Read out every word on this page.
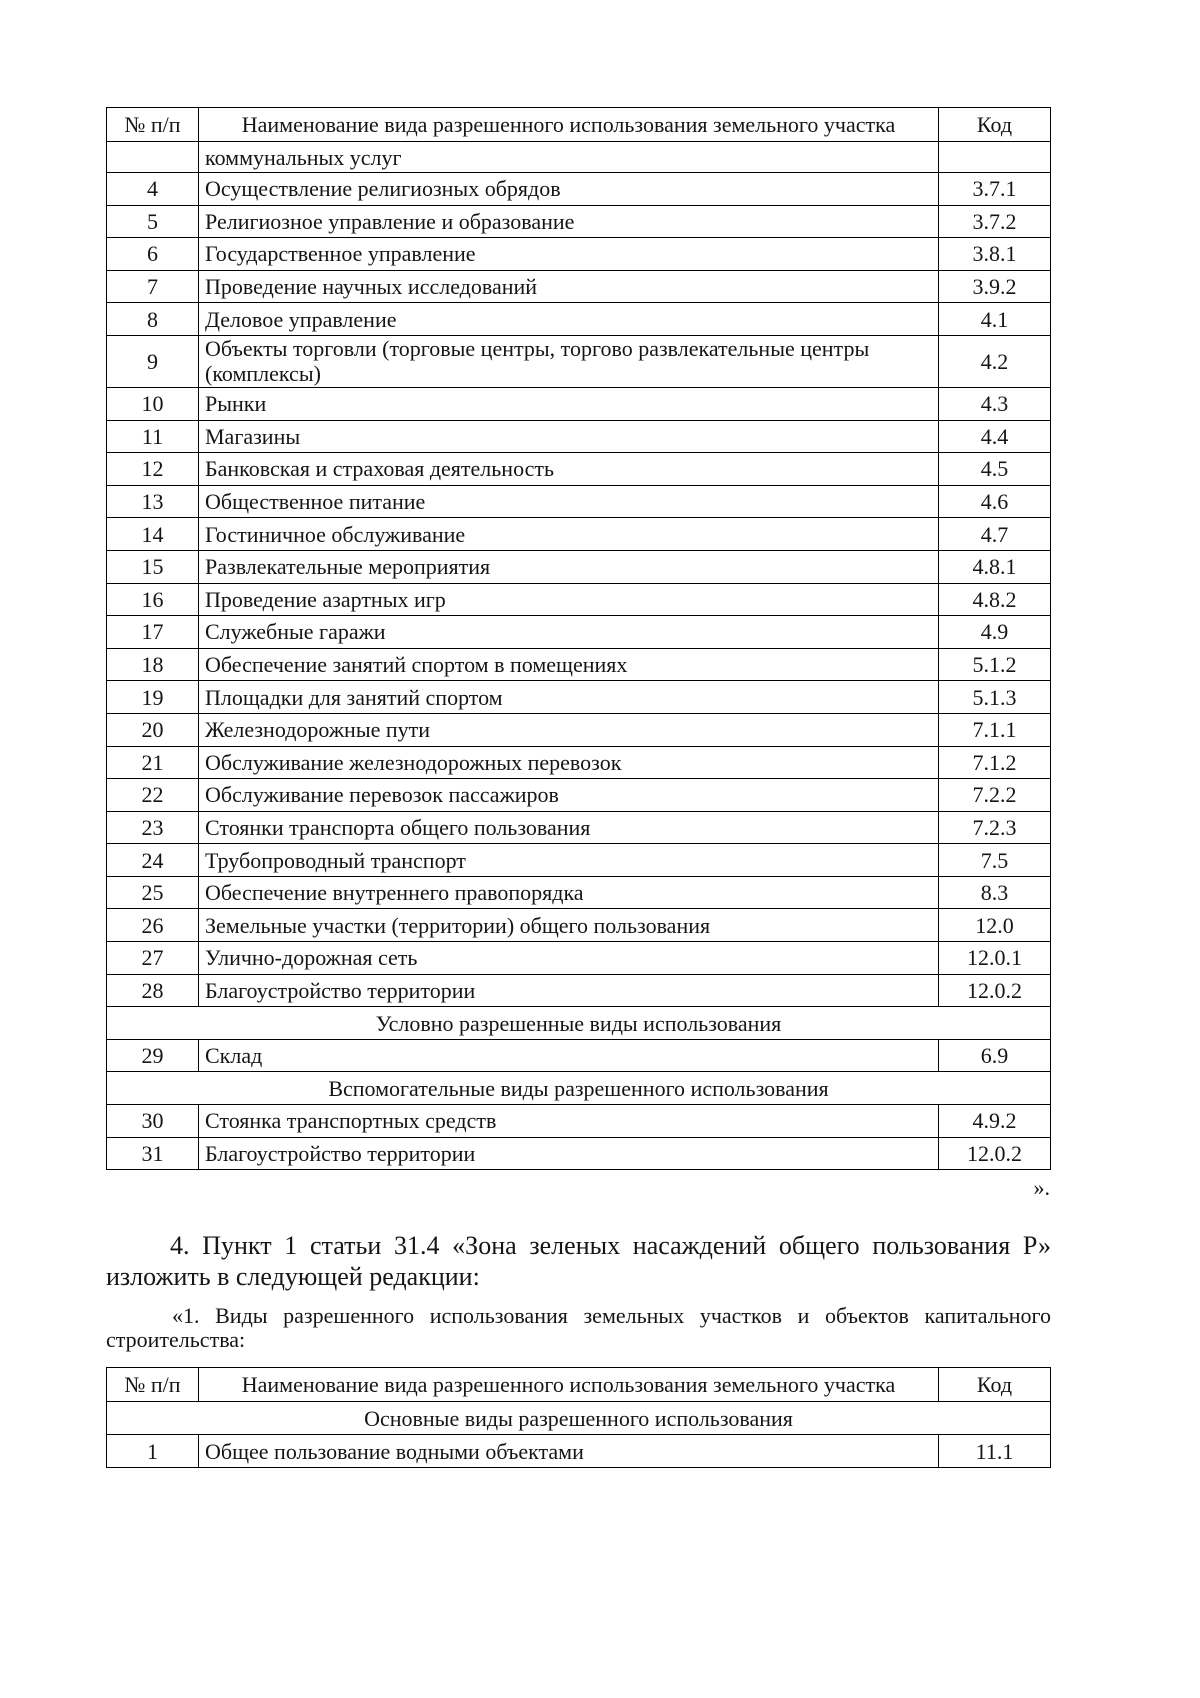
№ п/п	Наименование вида разрешенного использования земельного участка	Код
коммунальных услуг
4	Осуществление религиозных обрядов	3.7.1
5	Религиозное управление и образование	3.7.2
6	Государственное управление	3.8.1
7	Проведение научных исследований	3.9.2
8	Деловое управление	4.1
9	Объекты торговли (торговые центры, торгово развлекательные центры (комплексы)	4.2
10	Рынки	4.3
11	Магазины	4.4
12	Банковская и страховая деятельность	4.5
13	Общественное питание	4.6
14	Гостиничное обслуживание	4.7
15	Развлекательные мероприятия	4.8.1
16	Проведение азартных игр	4.8.2
17	Служебные гаражи	4.9
18	Обеспечение занятий спортом в помещениях	5.1.2
19	Площадки для занятий спортом	5.1.3
20	Железнодорожные пути	7.1.1
21	Обслуживание железнодорожных перевозок	7.1.2
22	Обслуживание перевозок пассажиров	7.2.2
23	Стоянки транспорта общего пользования	7.2.3
24	Трубопроводный транспорт	7.5
25	Обеспечение внутреннего правопорядка	8.3
26	Земельные участки (территории) общего пользования	12.0
27	Улично-дорожная сеть	12.0.1
28	Благоустройство территории	12.0.2
Условно разрешенные виды использования
29	Склад	6.9
Вспомогательные виды разрешенного использования
30	Стоянка транспортных средств	4.9.2
31	Благоустройство территории	12.0.2
».

4. Пункт 1 статьи 31.4 «Зона зеленых насаждений общего пользования Р» изложить в следующей редакции:

«1. Виды разрешенного использования земельных участков и объектов капитального строительства:

№ п/п	Наименование вида разрешенного использования земельного участка	Код
Основные виды разрешенного использования
1	Общее пользование водными объектами	11.1
